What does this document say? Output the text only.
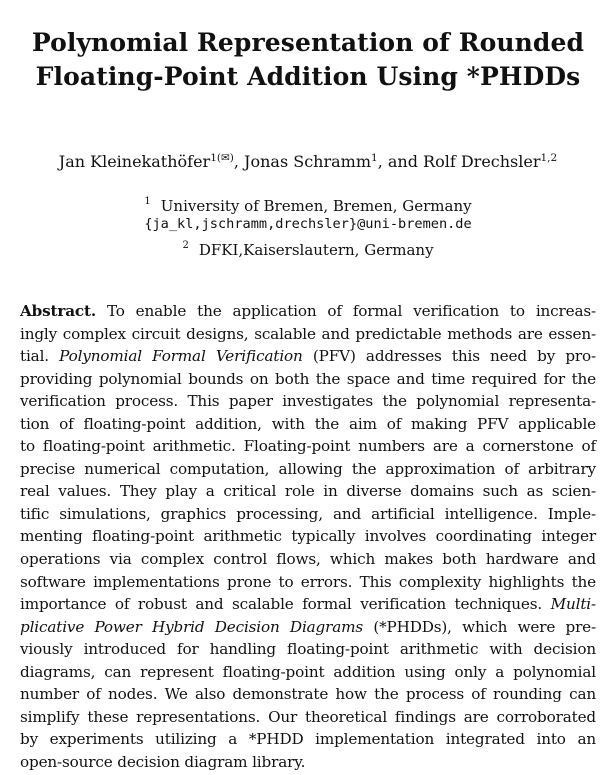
Polynomial Representation of Rounded
Floating-Point Addition Using *PHDDs
Jan Kleinekathöfer$^{1(✉)}$, Jonas Schramm$^1$, and Rolf Drechsler$^{1,2}$
$^1$ University of Bremen, Bremen, Germany
{ja_kl,jschramm,drechsler}@uni-bremen.de
$^2$ DFKI,Kaiserslautern, Germany
Abstract. To enable the application of formal verification to increas-
ingly complex circuit designs, scalable and predictable methods are essen-
tial. Polynomial Formal Verification (PFV) addresses this need by pro-
providing polynomial bounds on both the space and time required for the
verification process. This paper investigates the polynomial representa-
tion of floating-point addition, with the aim of making PFV applicable
to floating-point arithmetic. Floating-point numbers are a cornerstone of
precise numerical computation, allowing the approximation of arbitrary
real values. They play a critical role in diverse domains such as scien-
tific simulations, graphics processing, and artificial intelligence. Imple-
menting floating-point arithmetic typically involves coordinating integer
operations via complex control flows, which makes both hardware and
software implementations prone to errors. This complexity highlights the
importance of robust and scalable formal verification techniques. Multi-
plicative Power Hybrid Decision Diagrams (*PHDDs), which were pre-
viously introduced for handling floating-point arithmetic with decision
diagrams, can represent floating-point addition using only a polynomial
number of nodes. We also demonstrate how the process of rounding can
simplify these representations. Our theoretical findings are corroborated
by experiments utilizing a *PHDD implementation integrated into an
open-source decision diagram library.
